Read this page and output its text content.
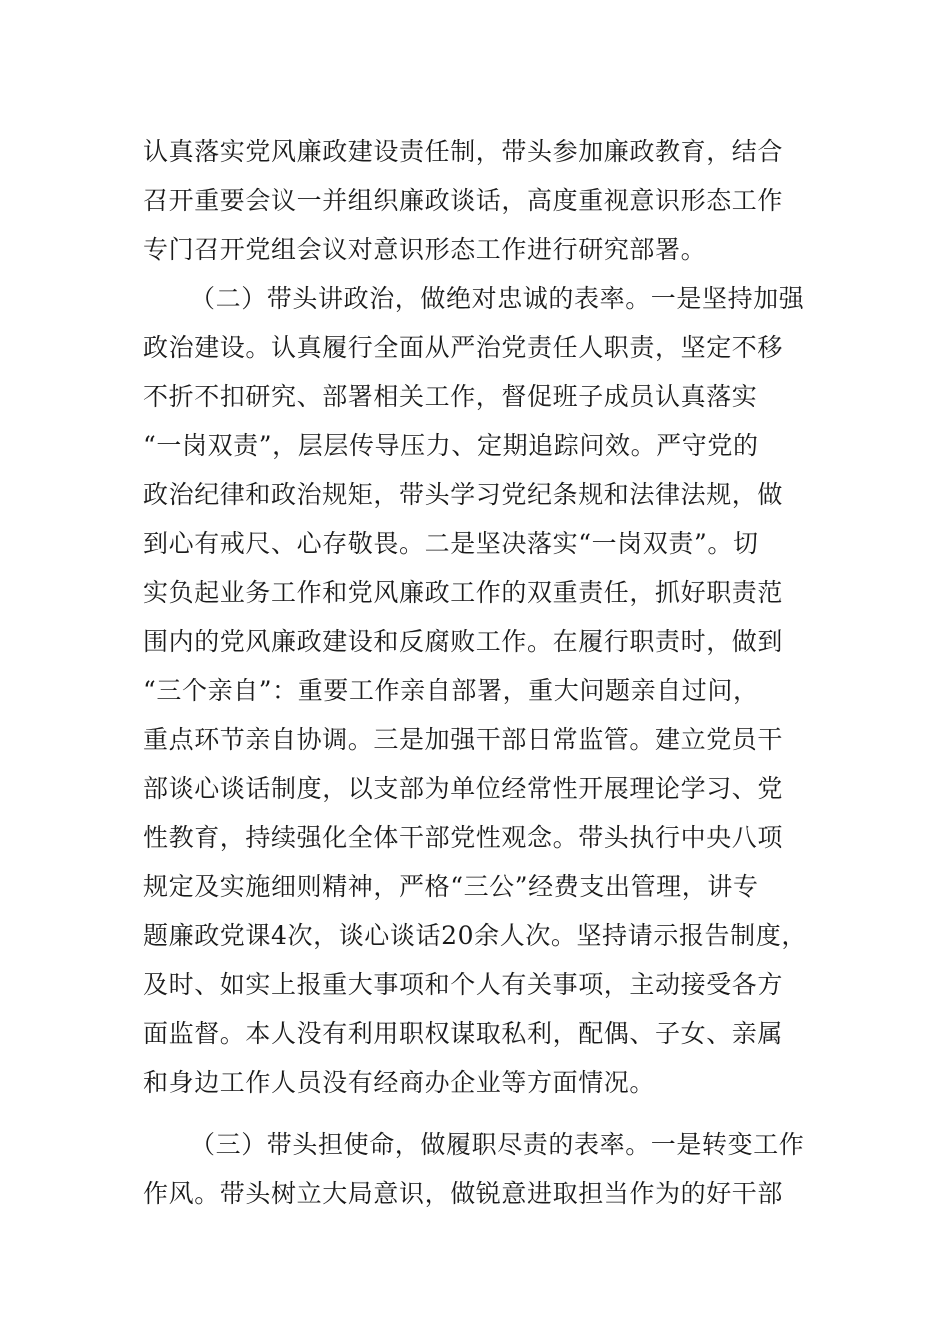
认真落实党风廉政建设责任制，带头参加廉政教育，结合
召开重要会议一并组织廉政谈话，高度重视意识形态工作
专门召开党组会议对意识形态工作进行研究部署。
（二）带头讲政治，做绝对忠诚的表率。一是坚持加强
政治建设。认真履行全面从严治党责任人职责，坚定不移
不折不扣研究、部署相关工作，督促班子成员认真落实
“一岗双责”，层层传导压力、定期追踪问效。严守党的
政治纪律和政治规矩，带头学习党纪条规和法律法规，做
到心有戒尺、心存敬畏。二是坚决落实“一岗双责”。切
实负起业务工作和党风廉政工作的双重责任，抓好职责范
围内的党风廉政建设和反腐败工作。在履行职责时，做到
“三个亲自”：重要工作亲自部署，重大问题亲自过问，
重点环节亲自协调。三是加强干部日常监管。建立党员干
部谈心谈话制度，以支部为单位经常性开展理论学习、党
性教育，持续强化全体干部党性观念。带头执行中央八项
规定及实施细则精神，严格“三公”经费支出管理，讲专
题廉政党课4次，谈心谈话20余人次。坚持请示报告制度，
及时、如实上报重大事项和个人有关事项，主动接受各方
面监督。本人没有利用职权谋取私利，配偶、子女、亲属
和身边工作人员没有经商办企业等方面情况。
（三）带头担使命，做履职尽责的表率。一是转变工作
作风。带头树立大局意识，做锐意进取担当作为的好干部
